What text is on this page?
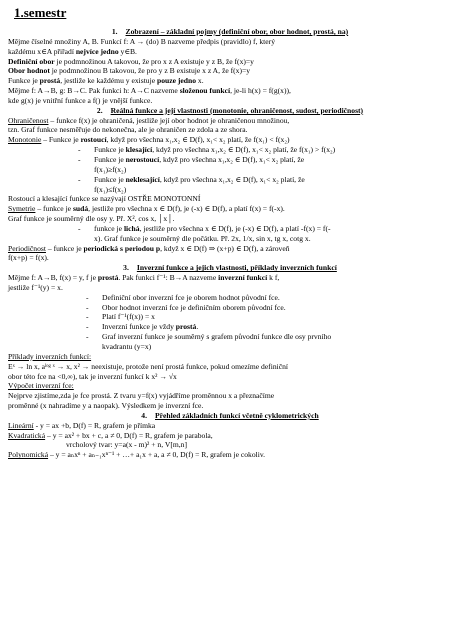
1.semestr
1. Zobrazení – základní pojmy (definiční obor, obor hodnot, prostá, na)
Mějme číselné množiny A, B. Funkcí f: A → (do) B nazveme předpis (pravidlo) f, který
každému x∈A přiřadí nejvíce jedno y∈B.
Definiční obor je podmnožinou A takovou, že pro x z A existuje y z B, že f(x)=y
Obor hodnot je podmnožinou B takovou, že pro y z B existuje x z A, že f(x)=y
Funkce je prostá, jestliže ke každému y existuje pouze jedno x.
Mějme f: A→B, g: B→C. Pak funkci h: A→C nazveme složenou funkcí, je-li h(x) = f(g(x)),
kde g(x) je vnitřní funkce a f() je vnější funkce.
2. Reálná funkce a její vlastnosti (monotonie, ohraničenost, sudost, periodičnost)
Ohraničenost – funkce f(x) je ohraničená, jestliže její obor hodnot je ohraničenou množinou,
tzn. Graf funkce nesměřuje do nekonečna, ale je ohraničen ze zdola a ze shora.
Monotonie – Funkce je rostoucí, když pro všechna x₁,x₂ ∈ D(f), x₁< x₂ platí, že f(x₁) < f(x₂)
- Funkce je klesající, když pro všechna x₁,x₂ ∈ D(f), x₁< x₂ platí, že f(x₁) > f(x₂)
- Funkce je nerostoucí, když pro všechna x₁,x₂ ∈ D(f), x₁< x₂ platí, že
f(x₁)≥f(x₂)
- Funkce je neklesající, když pro všechna x₁,x₂ ∈ D(f), x₁< x₂ platí, že
f(x₁)≤f(x₂)
Rostoucí a klesající funkce se nazývají OSTŘE MONOTONNÍ
Symetrie – funkce je sudá, jestliže pro všechna x ∈ D(f), je (-x) ∈ D(f), a platí f(x) = f(-x).
Graf funkce je souměrný dle osy y. Př. X², cos x, │x│.
- funkce je lichá, jestliže pro všechna x ∈ D(f), je (-x) ∈ D(f), a platí -f(x) = f(-
x). Graf funkce je souměrný dle počátku. Př. 2x, 1/x, sin x, tg x, cotg x.
Periodičnost – funkce je periodická s periodou p, když x ∈ D(f) ⇒ (x+p) ∈ D(f), a zároveň
f(x+p) = f(x).
3. Inverzní funkce a jejich vlastnosti, příklady inverzních funkcí
Mějme f: A→B, f(x) = y, f je prostá. Pak funkci f⁻¹: B→A nazveme inverzní funkcí k f,
jestliže f⁻¹(y) = x.
- Definiční obor inverzní fce je oborem hodnot původní fce.
- Obor hodnot inverzní fce je definičním oborem původní fce.
- Platí f⁻¹(f(x)) = x
- Inverzní funkce je vždy prostá.
- Graf inverzní funkce je souměrný s grafem původní funkce dle osy prvního
kvadrantu (y=x)
Příklady inverzních funkcí:
Eˣ → ln x, aˡᵒᵍ ˣ → x, x² → neexistuje, protože není prostá funkce, pokud omezíme definiční
obor této fce na <0,∞), tak je inverzní funkcí k x² → √x
Výpočet inverzní fce:
Nejprve zjistíme,zda je fce prostá. Z tvaru y=f(x) vyjádříme proměnnou x a přeznačíme
proměnné (x nahradíme y a naopak). Výsledkem je inverzní fce.
4. Přehled základních funkcí včetně cyklometrických
Lineární - y = ax +b, D(f) = R, grafem je přímka
Kvadratická – y = ax² + bx + c, a ≠ 0, D(f) = R, grafem je parabola,
vrcholový tvar: y=a(x - m)² + n, V[m,n]
Polynomická – y = aₙxⁿ + aₙ₋₁xⁿ⁻¹ + …+ a₁x + a, a ≠ 0, D(f) = R, grafem je cokoliv.
